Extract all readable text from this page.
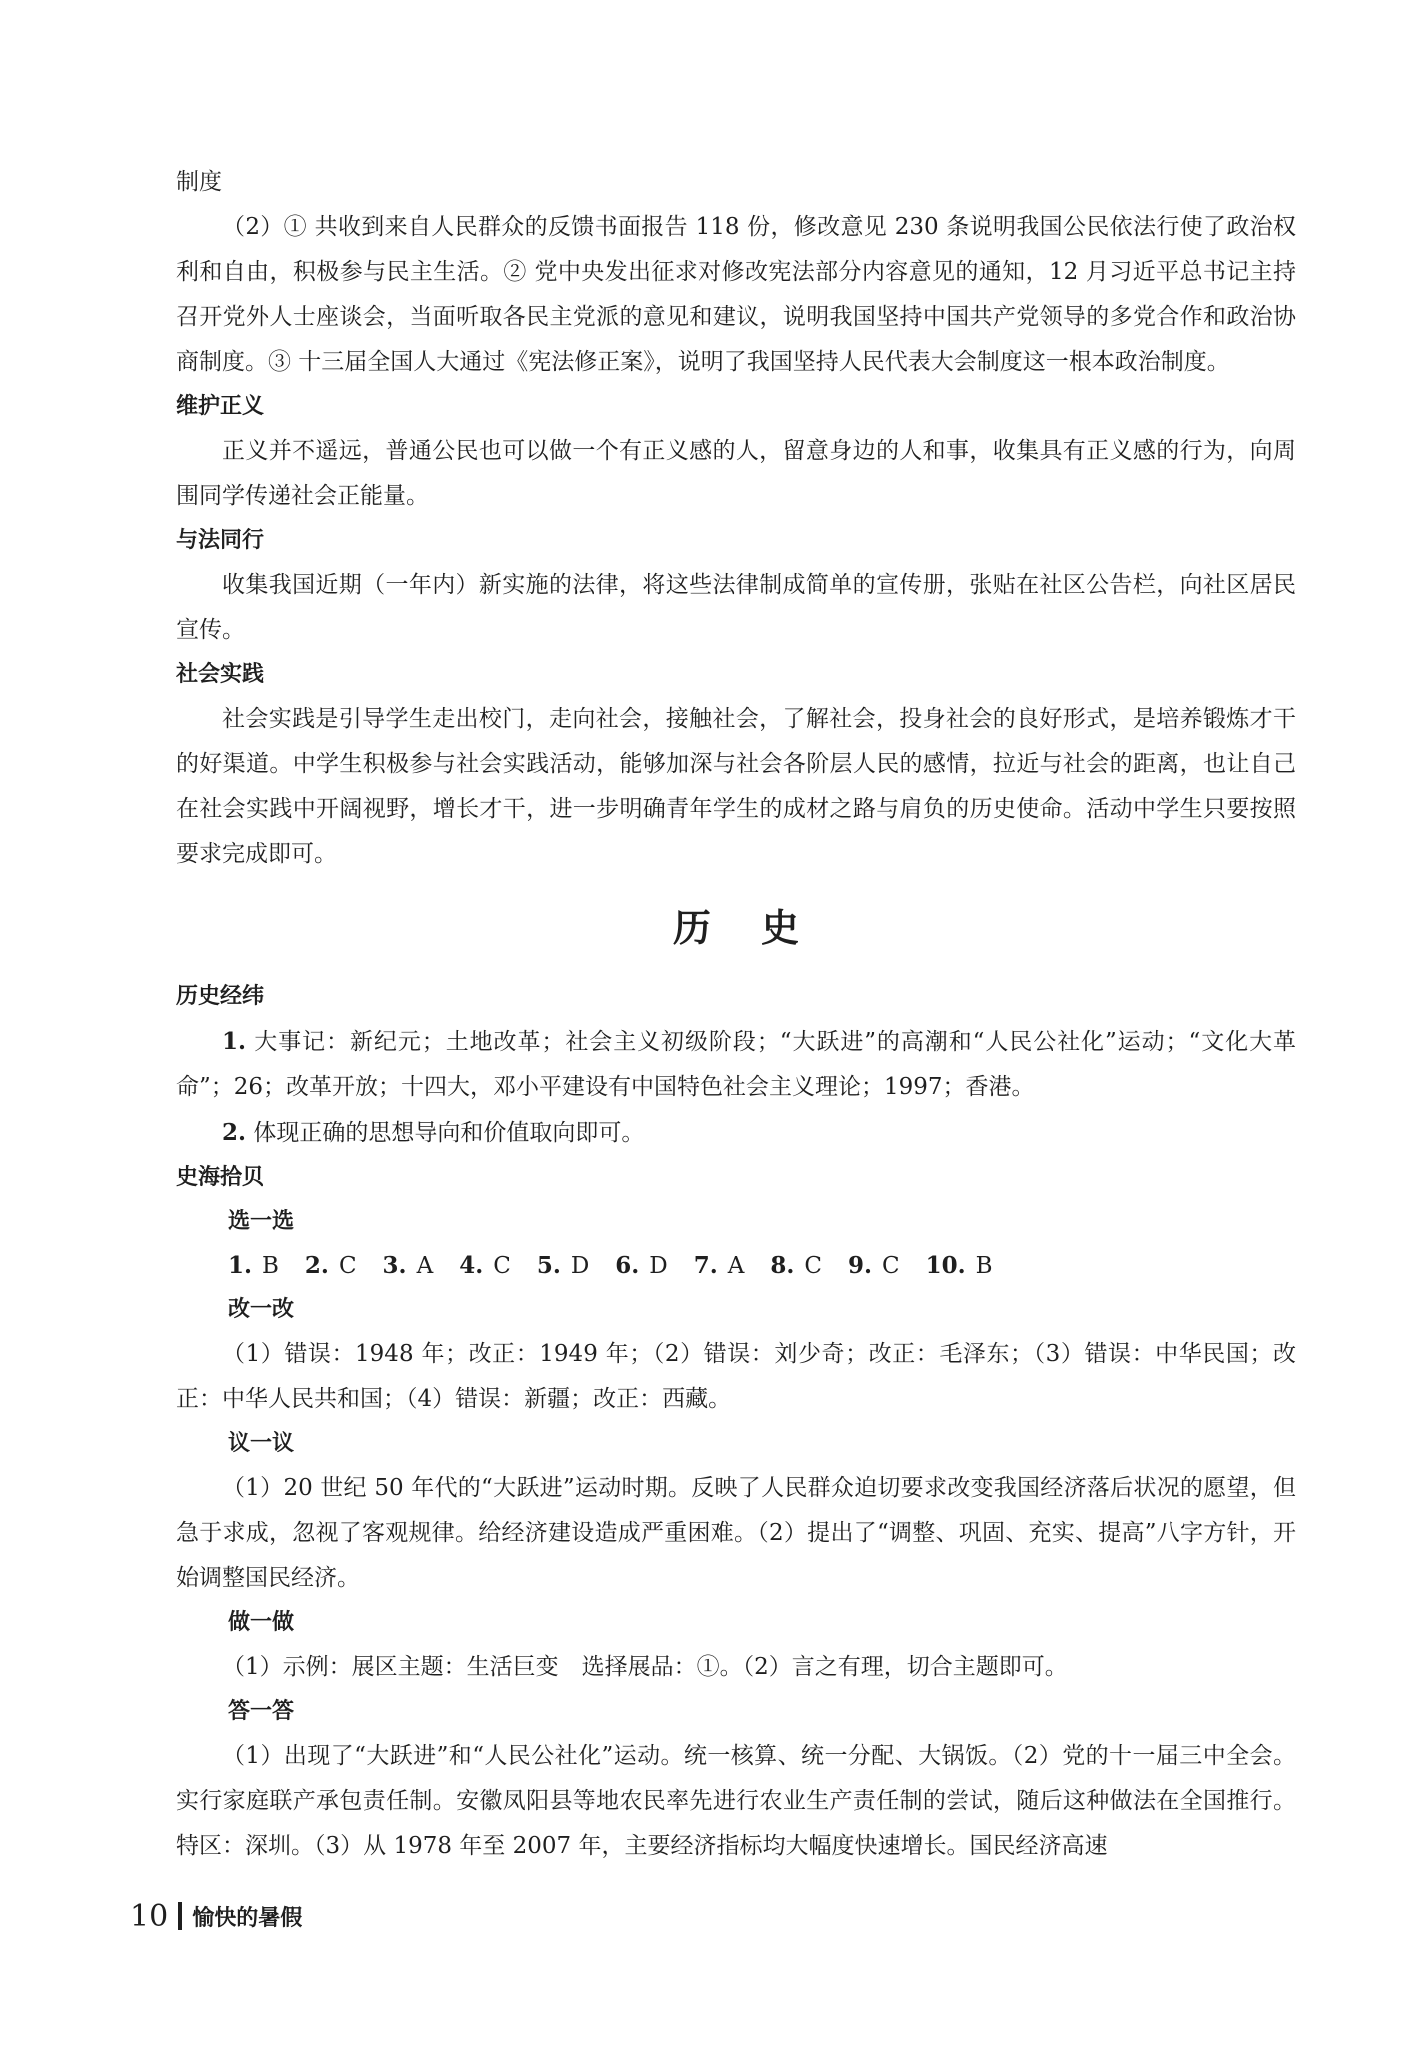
制度

（2）① 共收到来自人民群众的反馈书面报告 118 份，修改意见 230 条说明我国公民依法行使了政治权利和自由，积极参与民主生活。② 党中央发出征求对修改宪法部分内容意见的通知，12 月习近平总书记主持召开党外人士座谈会，当面听取各民主党派的意见和建议，说明我国坚持中国共产党领导的多党合作和政治协商制度。③ 十三届全国人大通过《宪法修正案》，说明了我国坚持人民代表大会制度这一根本政治制度。

维护正义

正义并不遥远，普通公民也可以做一个有正义感的人，留意身边的人和事，收集具有正义感的行为，向周围同学传递社会正能量。

与法同行

收集我国近期（一年内）新实施的法律，将这些法律制成简单的宣传册，张贴在社区公告栏，向社区居民宣传。

社会实践

社会实践是引导学生走出校门，走向社会，接触社会，了解社会，投身社会的良好形式，是培养锻炼才干的好渠道。中学生积极参与社会实践活动，能够加深与社会各阶层人民的感情，拉近与社会的距离，也让自己在社会实践中开阔视野，增长才干，进一步明确青年学生的成材之路与肩负的历史使命。活动中学生只要按照要求完成即可。

历史
历史经纬

1. 大事记：新纪元；土地改革；社会主义初级阶段；“大跃进”的高潮和“人民公社化”运动；“文化大革命”；26；改革开放；十四大，邓小平建设有中国特色社会主义理论；1997；香港。

2. 体现正确的思想导向和价值取向即可。

史海拾贝
选一选
1. B 2. C 3. A 4. C 5. D 6. D 7. A 8. C 9. C 10. B
改一改

（1）错误：1948 年；改正：1949 年；（2）错误：刘少奇；改正：毛泽东；（3）错误：中华民国；改正：中华人民共和国；（4）错误：新疆；改正：西藏。

议一议

（1）20 世纪 50 年代的“大跃进”运动时期。反映了人民群众迫切要求改变我国经济落后状况的愿望，但急于求成，忽视了客观规律。给经济建设造成严重困难。（2）提出了“调整、巩固、充实、提高”八字方针，开始调整国民经济。

做一做

（1）示例：展区主题：生活巨变　选择展品：①。（2）言之有理，切合主题即可。

答一答

（1）出现了“大跃进”和“人民公社化”运动。统一核算、统一分配、大锅饭。（2）党的十一届三中全会。实行家庭联产承包责任制。安徽凤阳县等地农民率先进行农业生产责任制的尝试，随后这种做法在全国推行。特区：深圳。（3）从 1978 年至 2007 年，主要经济指标均大幅度快速增长。国民经济高速

10 愉快的暑假
